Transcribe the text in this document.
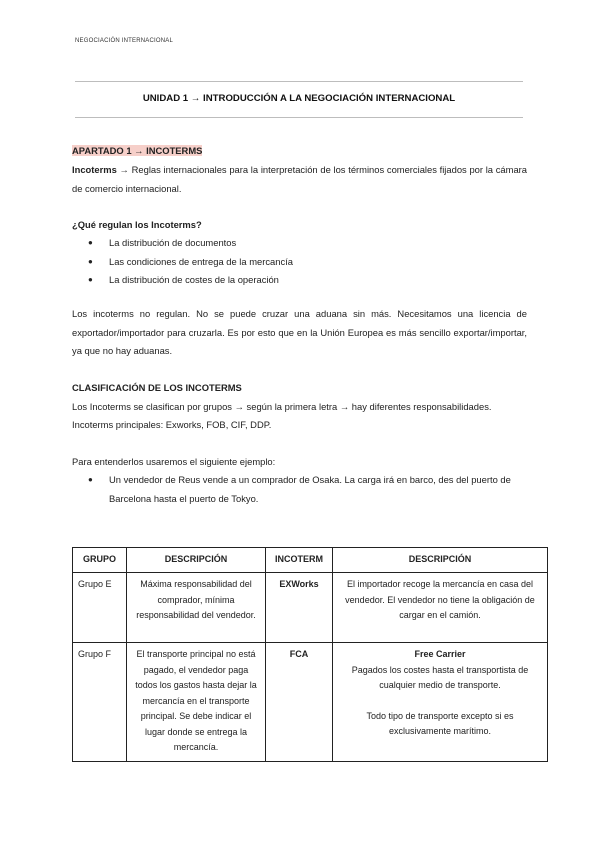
NEGOCIACIÓN INTERNACIONAL
UNIDAD 1 → INTRODUCCIÓN A LA NEGOCIACIÓN INTERNACIONAL
APARTADO 1 → INCOTERMS
Incoterms → Reglas internacionales para la interpretación de los términos comerciales fijados por la cámara de comercio internacional.
¿Qué regulan los Incoterms?
● La distribución de documentos
● Las condiciones de entrega de la mercancía
● La distribución de costes de la operación
Los incoterms no regulan. No se puede cruzar una aduana sin más. Necesitamos una licencia de exportador/importador para cruzarla. Es por esto que en la Unión Europea es más sencillo exportar/importar, ya que no hay aduanas.
CLASIFICACIÓN DE LOS INCOTERMS
Los Incoterms se clasifican por grupos → según la primera letra → hay diferentes responsabilidades.
Incoterms principales: Exworks, FOB, CIF, DDP.
Para entenderlos usaremos el siguiente ejemplo:
● Un vendedor de Reus vende a un comprador de Osaka. La carga irá en barco, des del puerto de Barcelona hasta el puerto de Tokyo.
GRUPO	DESCRIPCIÓN	INCOTERM	DESCRIPCIÓN
Grupo E	Máxima responsabilidad del comprador, mínima responsabilidad del vendedor.	EXWorks	El importador recoge la mercancía en casa del vendedor. El vendedor no tiene la obligación de cargar en el camión.
Grupo F	El transporte principal no está pagado, el vendedor paga todos los gastos hasta dejar la mercancía en el transporte principal. Se debe indicar el lugar donde se entrega la mercancía.	FCA	Free Carrier
Pagados los costes hasta el transportista de cualquier medio de transporte.
Todo tipo de transporte excepto si es exclusivamente marítimo.
